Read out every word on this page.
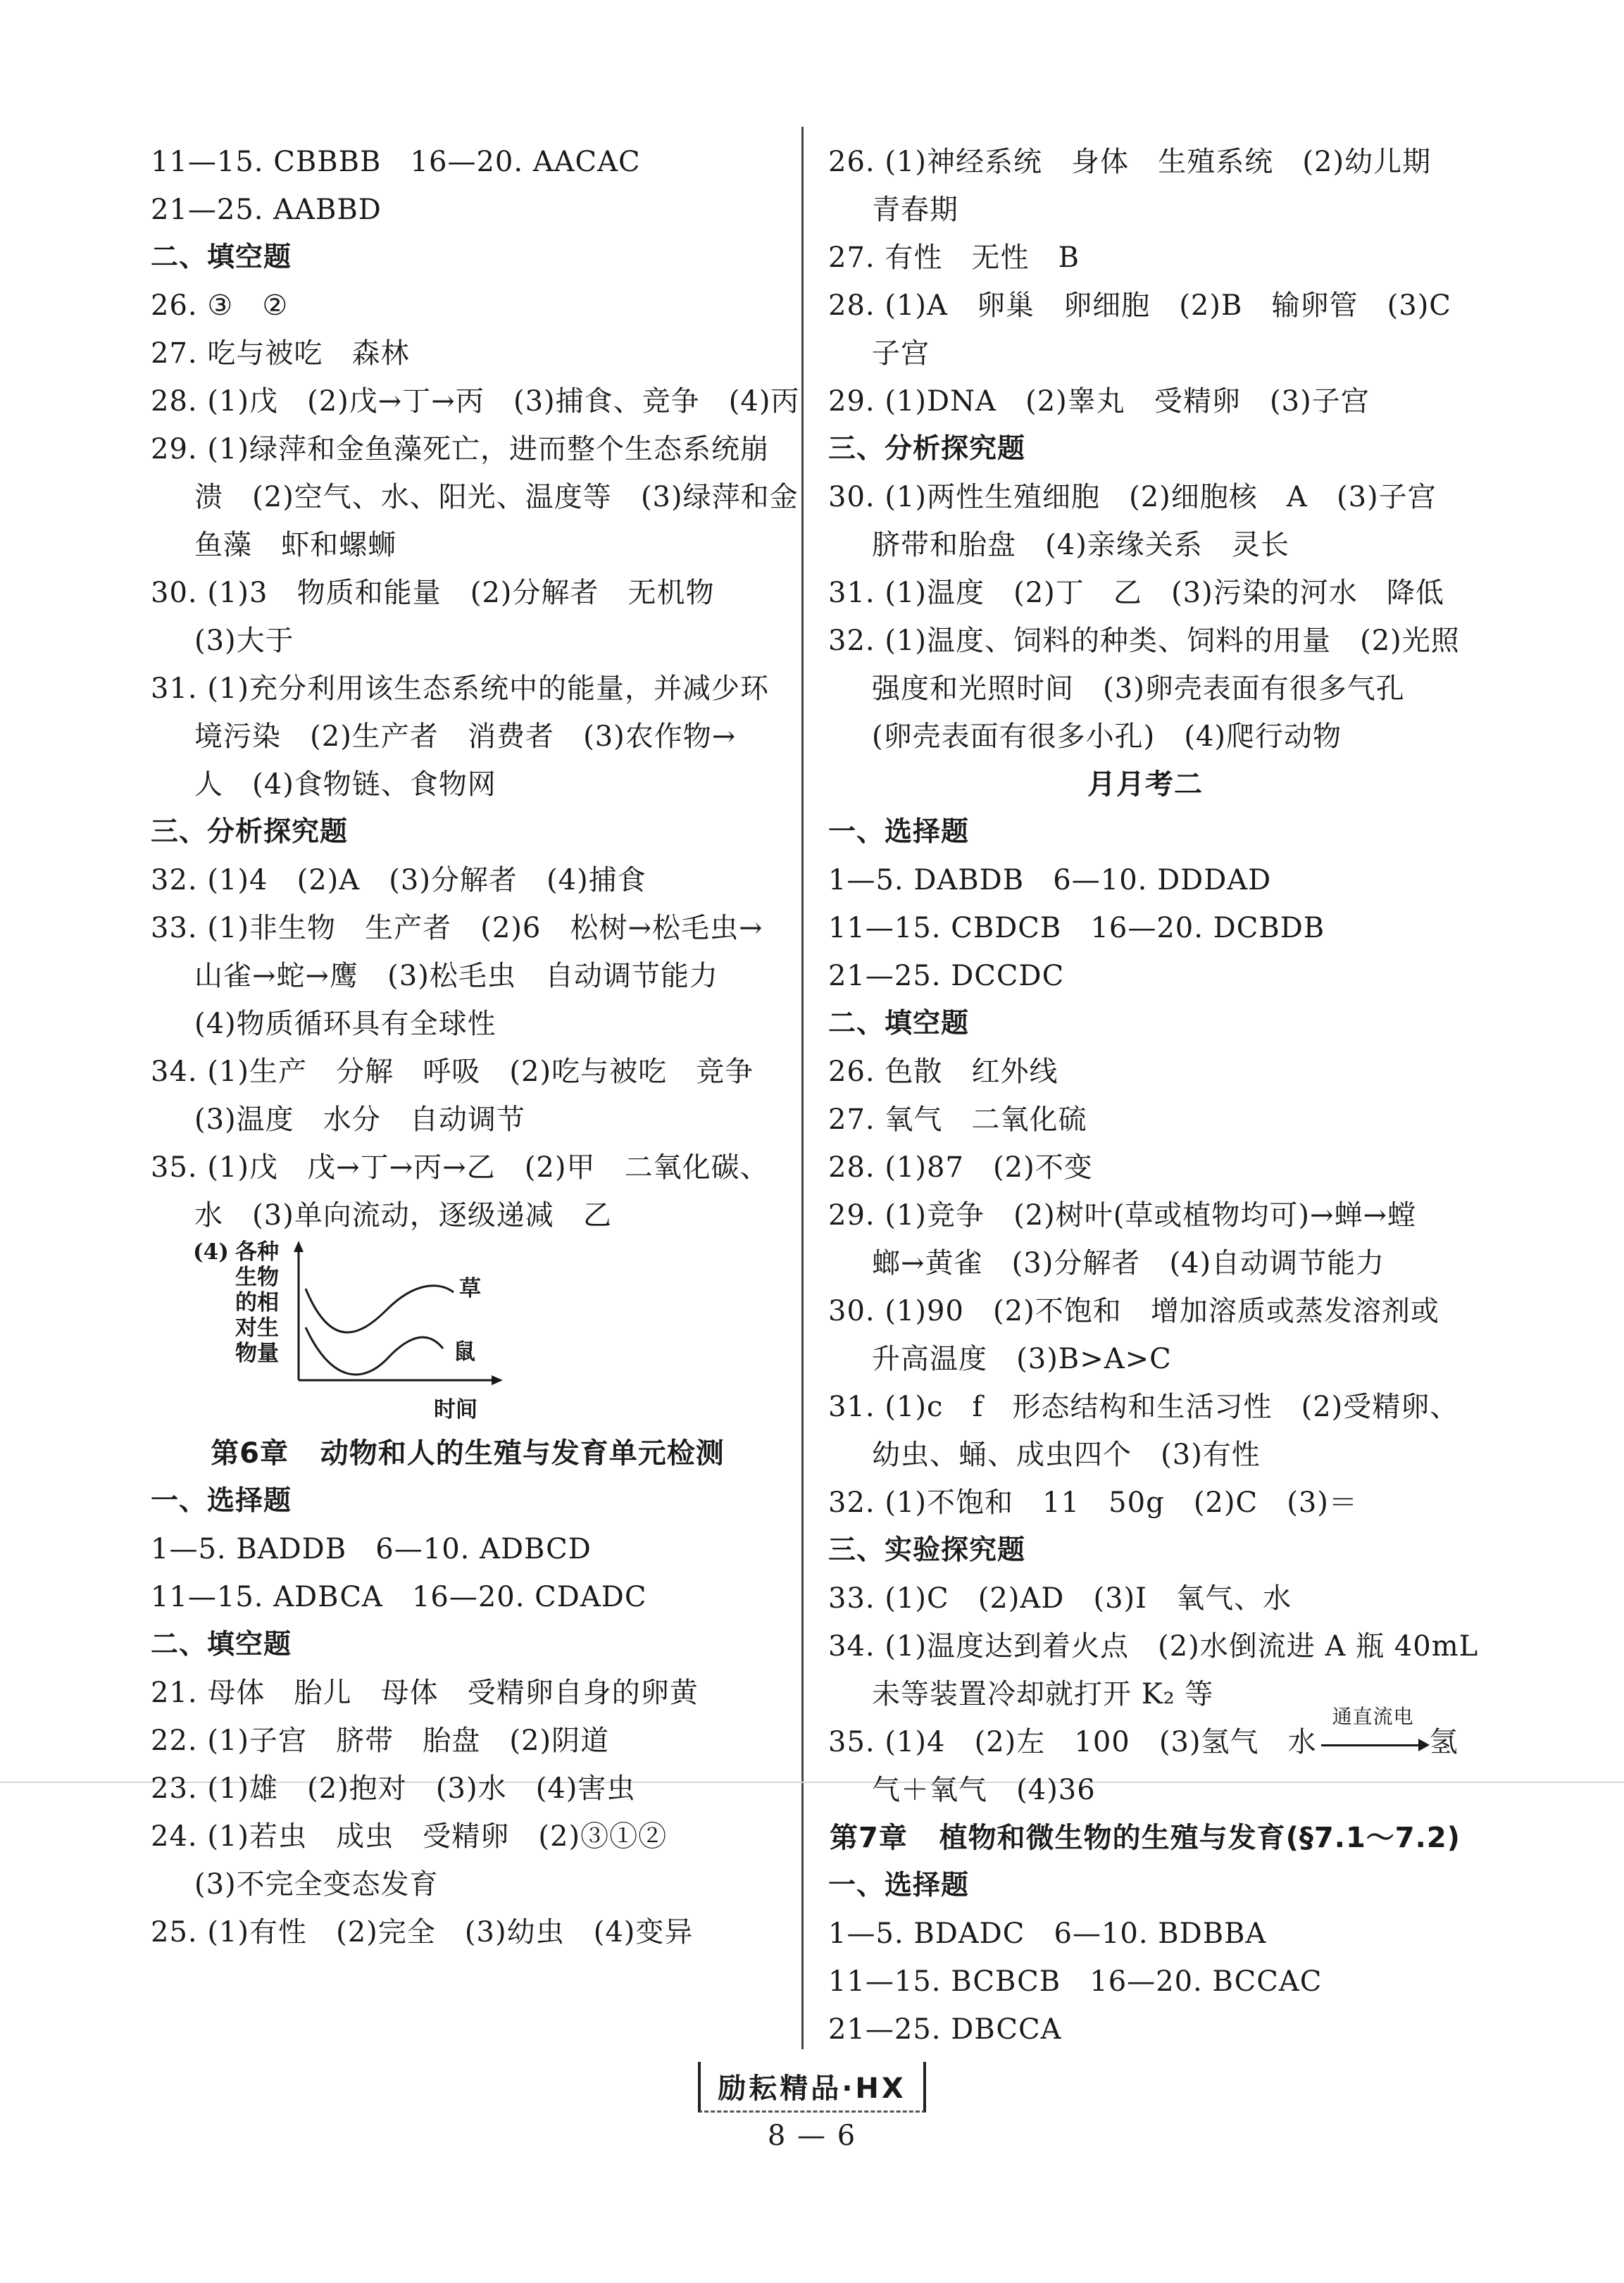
11—15. CBBBB   16—20. AACAC
21—25. AABBD
二、填空题
26. ③   ②
27. 吃与被吃   森林
28. (1)戊   (2)戊→丁→丙   (3)捕食、竞争   (4)丙
29. (1)绿萍和金鱼藻死亡，进而整个生态系统崩
溃   (2)空气、水、阳光、温度等   (3)绿萍和金
鱼藻   虾和螺蛳
30. (1)3   物质和能量   (2)分解者   无机物
(3)大于
31. (1)充分利用该生态系统中的能量，并减少环
境污染   (2)生产者   消费者   (3)农作物→
人   (4)食物链、食物网
三、分析探究题
32. (1)4   (2)A   (3)分解者   (4)捕食
33. (1)非生物   生产者   (2)6   松树→松毛虫→
山雀→蛇→鹰   (3)松毛虫   自动调节能力
(4)物质循环具有全球性
34. (1)生产   分解   呼吸   (2)吃与被吃   竞争
(3)温度   水分   自动调节
35. (1)戊   戊→丁→丙→乙   (2)甲   二氧化碳、
水   (3)单向流动，逐级递减   乙
(4) 各种
生物
的相
对生
物量
草
鼠
时间
第6章   动物和人的生殖与发育单元检测
一、选择题
1—5. BADDB   6—10. ADBCD
11—15. ADBCA   16—20. CDADC
二、填空题
21. 母体   胎儿   母体   受精卵自身的卵黄
22. (1)子宫   脐带   胎盘   (2)阴道
23. (1)雄   (2)抱对   (3)水   (4)害虫
24. (1)若虫   成虫   受精卵   (2)③①②
(3)不完全变态发育
25. (1)有性   (2)完全   (3)幼虫   (4)变异
26. (1)神经系统   身体   生殖系统   (2)幼儿期
青春期
27. 有性   无性   B
28. (1)A   卵巢   卵细胞   (2)B   输卵管   (3)C
子宫
29. (1)DNA   (2)睾丸   受精卵   (3)子宫
三、分析探究题
30. (1)两性生殖细胞   (2)细胞核   A   (3)子宫
脐带和胎盘   (4)亲缘关系   灵长
31. (1)温度   (2)丁   乙   (3)污染的河水   降低
32. (1)温度、饲料的种类、饲料的用量   (2)光照
强度和光照时间   (3)卵壳表面有很多气孔
(卵壳表面有很多小孔)   (4)爬行动物
月月考二
一、选择题
1—5. DABDB   6—10. DDDAD
11—15. CBDCB   16—20. DCBDB
21—25. DCCDC
二、填空题
26. 色散   红外线
27. 氧气   二氧化硫
28. (1)87   (2)不变
29. (1)竞争   (2)树叶(草或植物均可)→蝉→螳
螂→黄雀   (3)分解者   (4)自动调节能力
30. (1)90   (2)不饱和   增加溶质或蒸发溶剂或
升高温度   (3)B>A>C
31. (1)c   f   形态结构和生活习性   (2)受精卵、
幼虫、蛹、成虫四个   (3)有性
32. (1)不饱和   11   50g   (2)C   (3)＝
三、实验探究题
33. (1)C   (2)AD   (3)Ⅰ   氧气、水
34. (1)温度达到着火点   (2)水倒流进 A 瓶 40mL
未等装置冷却就打开 K₂ 等
35. (1)4   (2)左   100   (3)氢气   水
通直流电
氢
气＋氧气   (4)36
第7章   植物和微生物的生殖与发育(§7.1～7.2)
一、选择题
1—5. BDADC   6—10. BDBBA
11—15. BCBCB   16—20. BCCAC
21—25. DBCCA
励耘精品·HX
8 — 6
